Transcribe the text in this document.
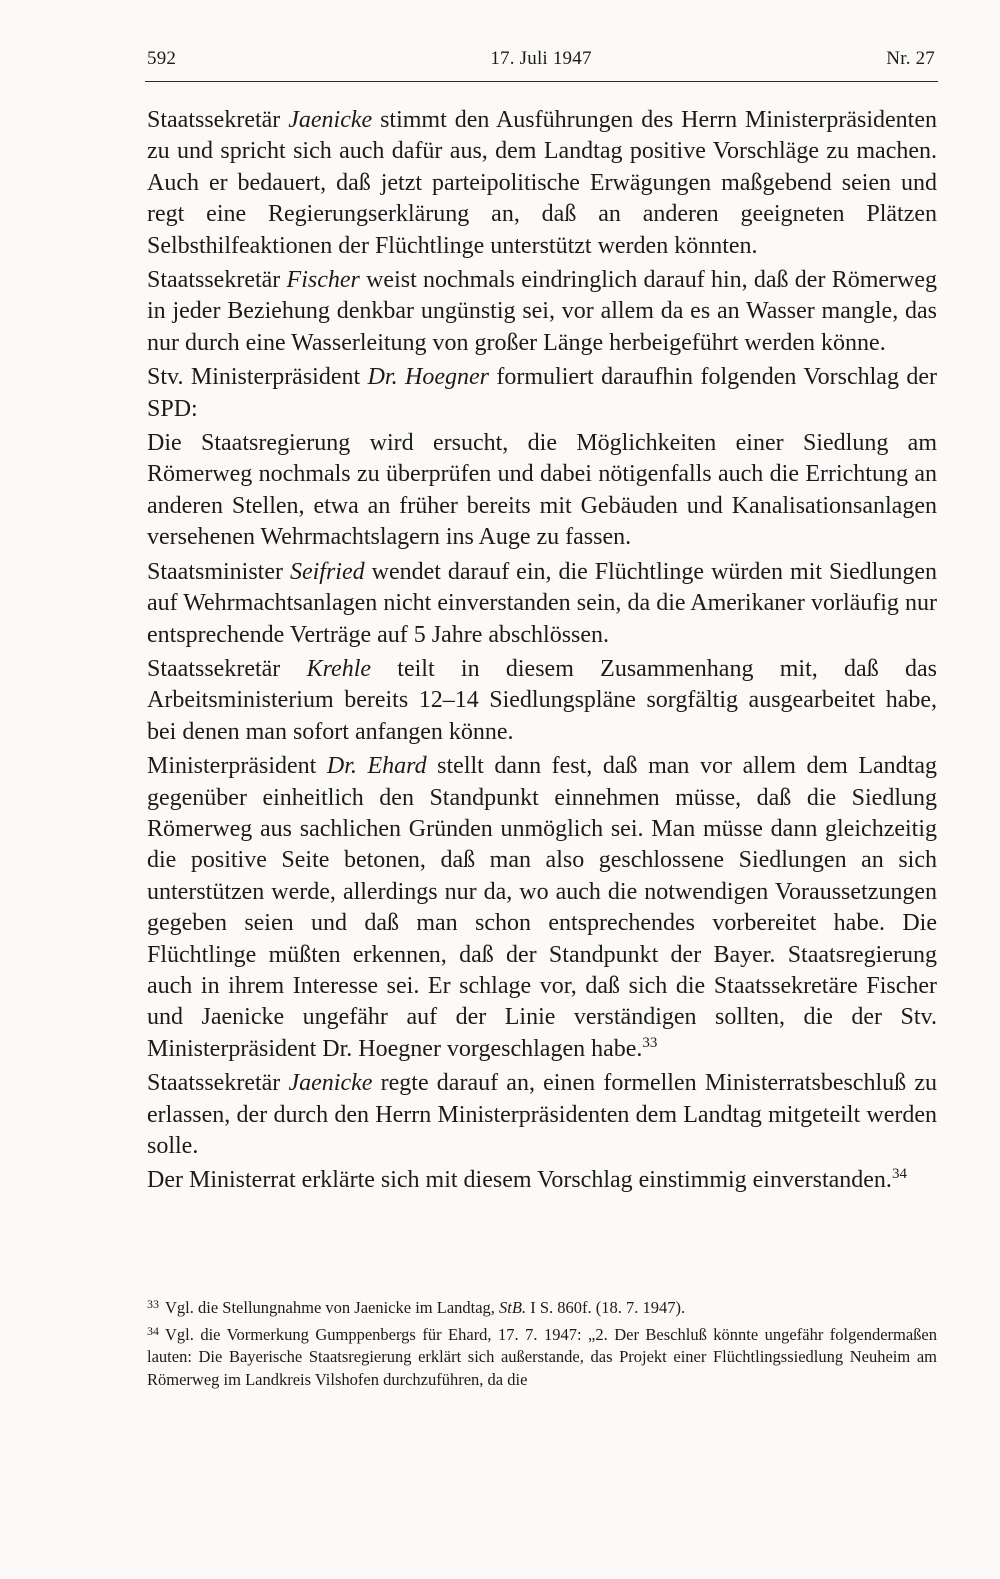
592	17. Juli 1947	Nr. 27

Staatssekretär Jaenicke stimmt den Ausführungen des Herrn Ministerpräsidenten zu und spricht sich auch dafür aus, dem Landtag positive Vorschläge zu machen. Auch er bedauert, daß jetzt parteipolitische Erwägungen maßgebend seien und regt eine Regierungserklärung an, daß an anderen geeigneten Plätzen Selbsthilfeaktionen der Flüchtlinge unterstützt werden könnten.

Staatssekretär Fischer weist nochmals eindringlich darauf hin, daß der Römerweg in jeder Beziehung denkbar ungünstig sei, vor allem da es an Wasser mangle, das nur durch eine Wasserleitung von großer Länge herbeigeführt werden könne.

Stv. Ministerpräsident Dr. Hoegner formuliert daraufhin folgenden Vorschlag der SPD:

Die Staatsregierung wird ersucht, die Möglichkeiten einer Siedlung am Römerweg nochmals zu überprüfen und dabei nötigenfalls auch die Errichtung an anderen Stellen, etwa an früher bereits mit Gebäuden und Kanalisationsanlagen versehenen Wehrmachtslagern ins Auge zu fassen.

Staatsminister Seifried wendet darauf ein, die Flüchtlinge würden mit Siedlungen auf Wehrmachtsanlagen nicht einverstanden sein, da die Amerikaner vorläufig nur entsprechende Verträge auf 5 Jahre abschlössen.

Staatssekretär Krehle teilt in diesem Zusammenhang mit, daß das Arbeitsministerium bereits 12–14 Siedlungspläne sorgfältig ausgearbeitet habe, bei denen man sofort anfangen könne.

Ministerpräsident Dr. Ehard stellt dann fest, daß man vor allem dem Landtag gegenüber einheitlich den Standpunkt einnehmen müsse, daß die Siedlung Römerweg aus sachlichen Gründen unmöglich sei. Man müsse dann gleichzeitig die positive Seite betonen, daß man also geschlossene Siedlungen an sich unterstützen werde, allerdings nur da, wo auch die notwendigen Voraussetzungen gegeben seien und daß man schon entsprechendes vorbereitet habe. Die Flüchtlinge müßten erkennen, daß der Standpunkt der Bayer. Staatsregierung auch in ihrem Interesse sei. Er schlage vor, daß sich die Staatssekretäre Fischer und Jaenicke ungefähr auf der Linie verständigen sollten, die der Stv. Ministerpräsident Dr. Hoegner vorgeschlagen habe.$^{33}$

Staatssekretär Jaenicke regte darauf an, einen formellen Ministerratsbeschluß zu erlassen, der durch den Herrn Ministerpräsidenten dem Landtag mitgeteilt werden solle.

Der Ministerrat erklärte sich mit diesem Vorschlag einstimmig einverstanden.$^{34}$

$^{33}$ Vgl. die Stellungnahme von Jaenicke im Landtag, StB. I S. 860f. (18. 7. 1947).

$^{34}$ Vgl. die Vormerkung Gumppenbergs für Ehard, 17. 7. 1947: „2. Der Beschluß könnte ungefähr folgendermaßen lauten: Die Bayerische Staatsregierung erklärt sich außerstande, das Projekt einer Flüchtlingssiedlung Neuheim am Römerweg im Landkreis Vilshofen durchzuführen, da die
